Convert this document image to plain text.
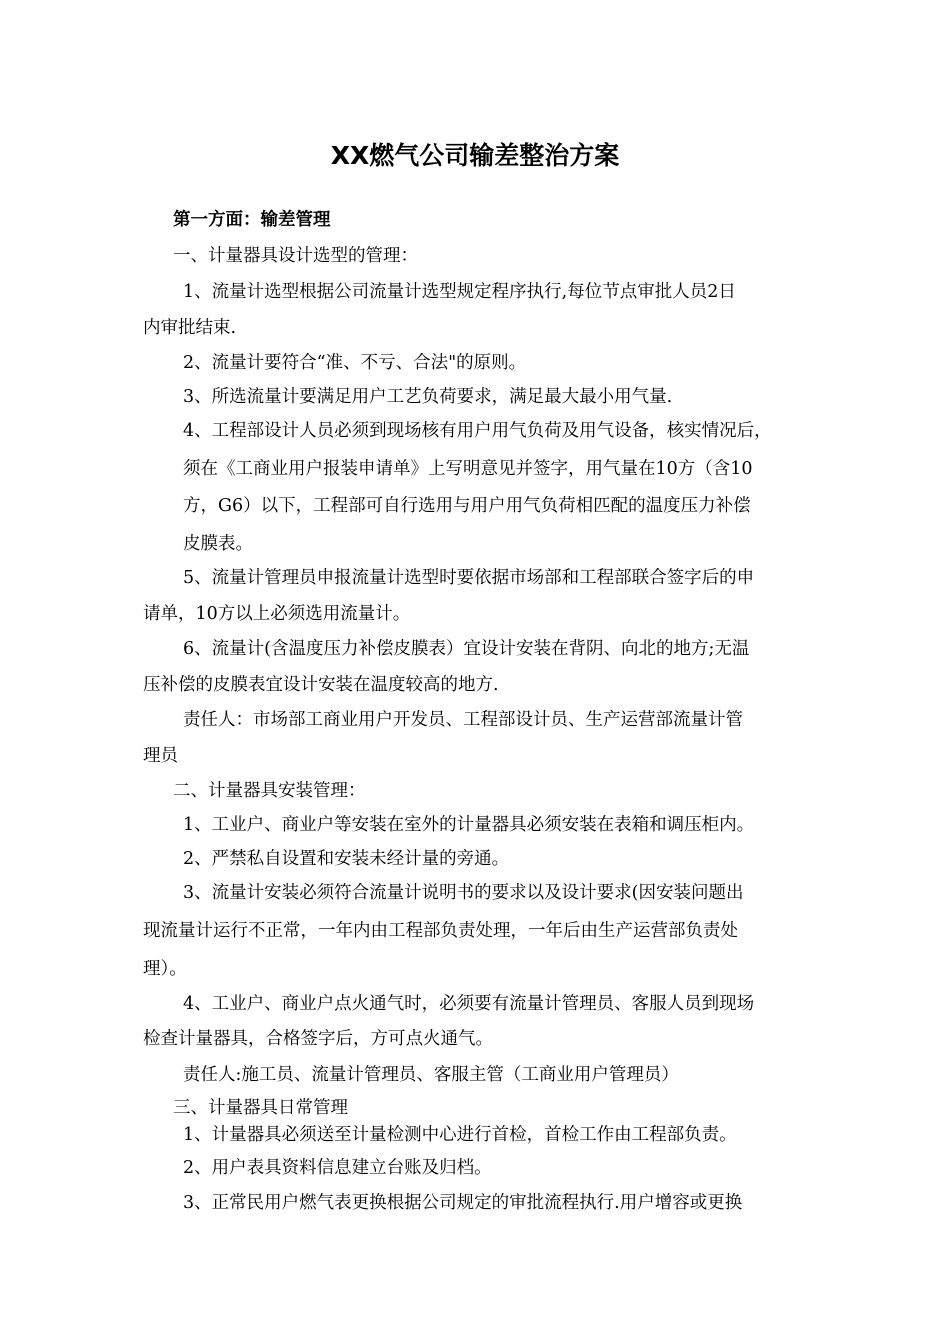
XX燃气公司输差整治方案
第一方面：输差管理
一、计量器具设计选型的管理：
1、流量计选型根据公司流量计选型规定程序执行,每位节点审批人员2日
内审批结束.
2、流量计要符合“准、不亏、合法"的原则。
3、所选流量计要满足用户工艺负荷要求，满足最大最小用气量.
4、工程部设计人员必须到现场核有用户用气负荷及用气设备，核实情况后，
须在《工商业用户报装申请单》上写明意见并签字，用气量在10方（含10
方，G6）以下，工程部可自行选用与用户用气负荷相匹配的温度压力补偿
皮膜表。
5、流量计管理员申报流量计选型时要依据市场部和工程部联合签字后的申
请单，10方以上必须选用流量计。
6、流量计(含温度压力补偿皮膜表）宜设计安装在背阴、向北的地方;无温
压补偿的皮膜表宜设计安装在温度较高的地方.
责任人：市场部工商业用户开发员、工程部设计员、生产运营部流量计管
理员
二、计量器具安装管理：
1、工业户、商业户等安装在室外的计量器具必须安装在表箱和调压柜内。
2、严禁私自设置和安装未经计量的旁通。
3、流量计安装必须符合流量计说明书的要求以及设计要求(因安装问题出
现流量计运行不正常，一年内由工程部负责处理，一年后由生产运营部负责处
理）。
4、工业户、商业户点火通气时，必须要有流量计管理员、客服人员到现场
检查计量器具，合格签字后，方可点火通气。
责任人:施工员、流量计管理员、客服主管（工商业用户管理员）
三、计量器具日常管理
1、计量器具必须送至计量检测中心进行首检，首检工作由工程部负责。
2、用户表具资料信息建立台账及归档。
3、正常民用户燃气表更换根据公司规定的审批流程执行.用户增容或更换
